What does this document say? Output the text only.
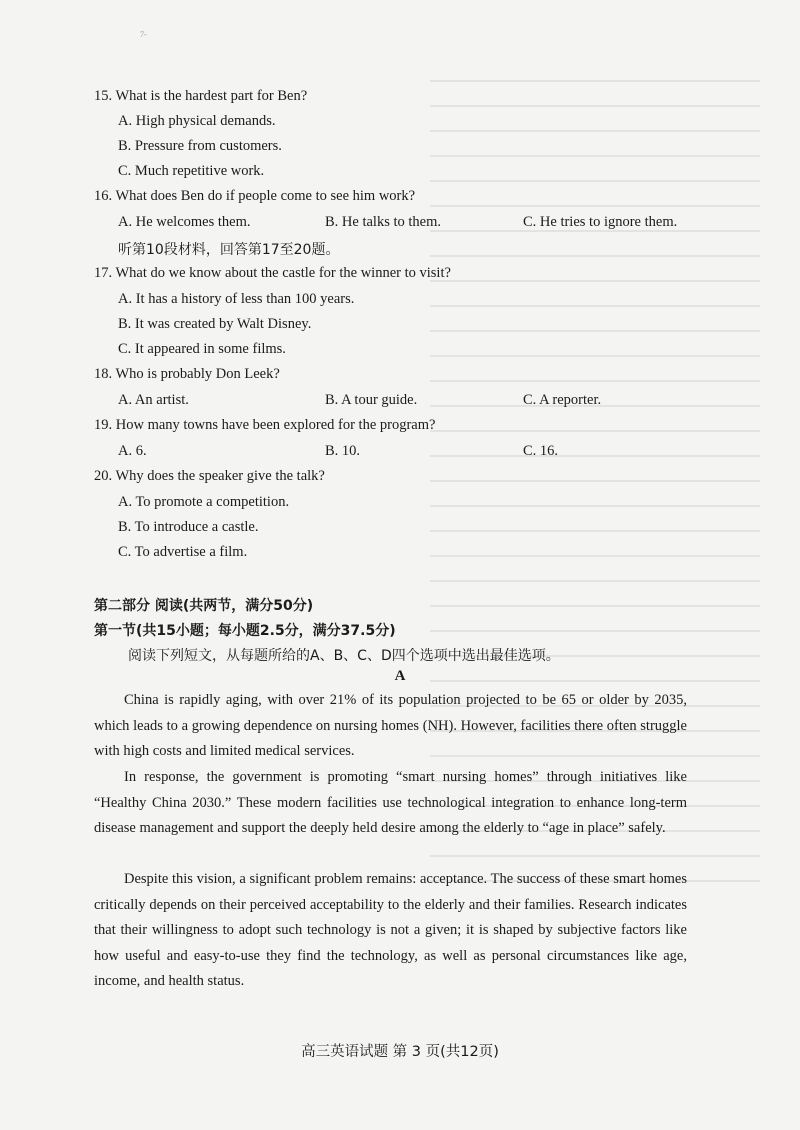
7-
15. What is the hardest part for Ben?
A. High physical demands.
B. Pressure from customers.
C. Much repetitive work.
16. What does Ben do if people come to see him work?
A. He welcomes them.	B. He talks to them.	C. He tries to ignore them.
听第10段材料，回答第17至20题。
17. What do we know about the castle for the winner to visit?
A. It has a history of less than 100 years.
B. It was created by Walt Disney.
C. It appeared in some films.
18. Who is probably Don Leek?
A. An artist.	B. A tour guide.	C. A reporter.
19. How many towns have been explored for the program?
A. 6.	B. 10.	C. 16.
20. Why does the speaker give the talk?
A. To promote a competition.
B. To introduce a castle.
C. To advertise a film.
第二部分 阅读(共两节，满分50分)
第一节(共15小题；每小题2.5分，满分37.5分)
阅读下列短文，从每题所给的A、B、C、D四个选项中选出最佳选项。
A

China is rapidly aging, with over 21% of its population projected to be 65 or older by 2035, which leads to a growing dependence on nursing homes (NH). However, facilities there often struggle with high costs and limited medical services.

In response, the government is promoting “smart nursing homes” through initiatives like “Healthy China 2030.” These modern facilities use technological integration to enhance long-term disease management and support the deeply held desire among the elderly to “age in place” safely.

Despite this vision, a significant problem remains: acceptance. The success of these smart homes critically depends on their perceived acceptability to the elderly and their families. Research indicates that their willingness to adopt such technology is not a given; it is shaped by subjective factors like how useful and easy-to-use they find the technology, as well as personal circumstances like age, income, and health status.

高三英语试题 第 3 页(共12页)
